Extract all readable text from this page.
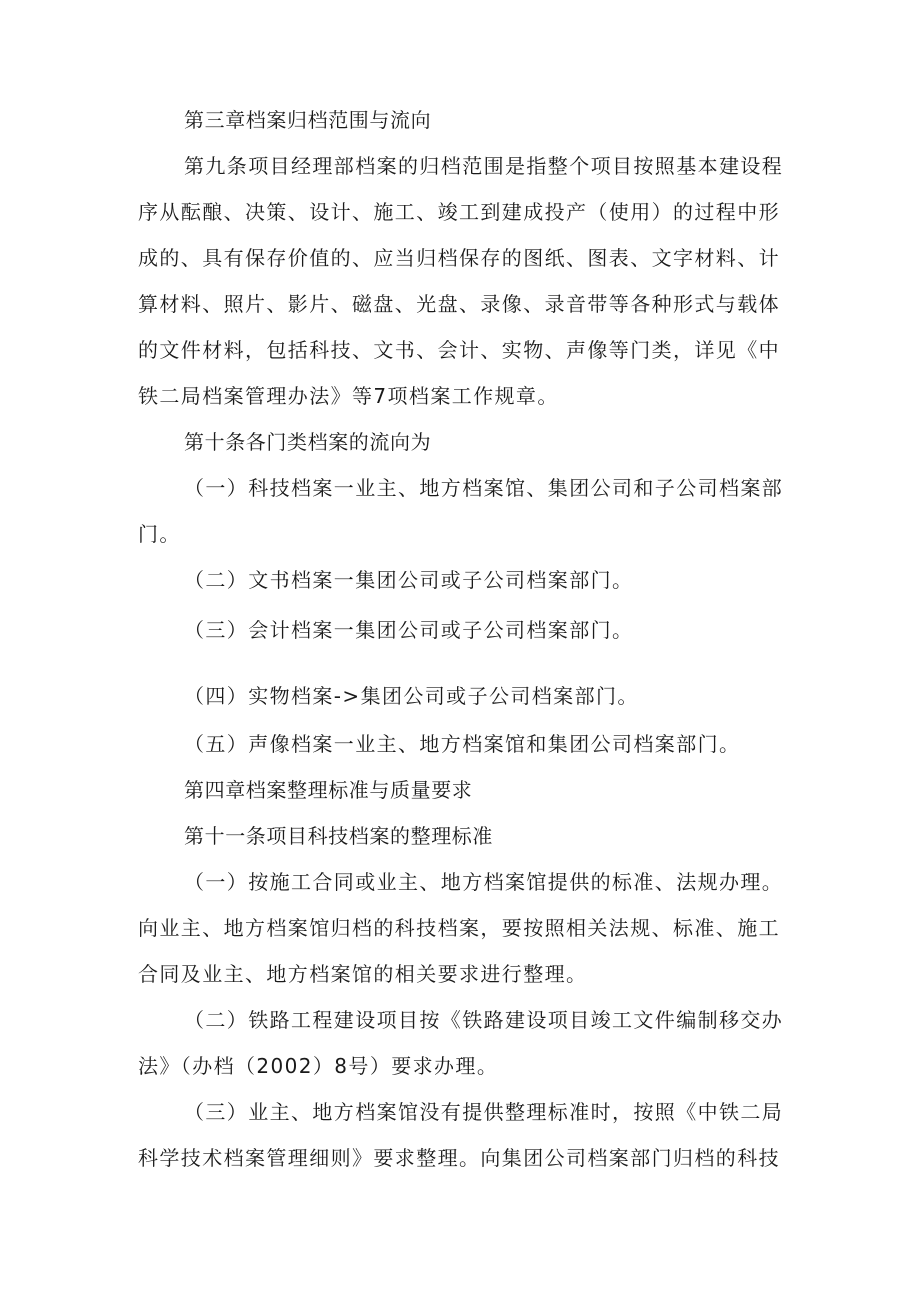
第三章档案归档范围与流向
第九条项目经理部档案的归档范围是指整个项目按照基本建设程
序从酝酿、决策、设计、施工、竣工到建成投产（使用）的过程中形
成的、具有保存价值的、应当归档保存的图纸、图表、文字材料、计
算材料、照片、影片、磁盘、光盘、录像、录音带等各种形式与载体
的文件材料，包括科技、文书、会计、实物、声像等门类，详见《中
铁二局档案管理办法》等7项档案工作规章。
第十条各门类档案的流向为
（一）科技档案一业主、地方档案馆、集团公司和子公司档案部
门。
（二）文书档案一集团公司或子公司档案部门。
（三）会计档案一集团公司或子公司档案部门。
（四）实物档案->集团公司或子公司档案部门。
（五）声像档案一业主、地方档案馆和集团公司档案部门。
第四章档案整理标准与质量要求
第十一条项目科技档案的整理标准
（一）按施工合同或业主、地方档案馆提供的标准、法规办理。
向业主、地方档案馆归档的科技档案，要按照相关法规、标准、施工
合同及业主、地方档案馆的相关要求进行整理。
（二）铁路工程建设项目按《铁路建设项目竣工文件编制移交办
法》（办档（2002）8号）要求办理。
（三）业主、地方档案馆没有提供整理标准时，按照《中铁二局
科学技术档案管理细则》要求整理。向集团公司档案部门归档的科技
